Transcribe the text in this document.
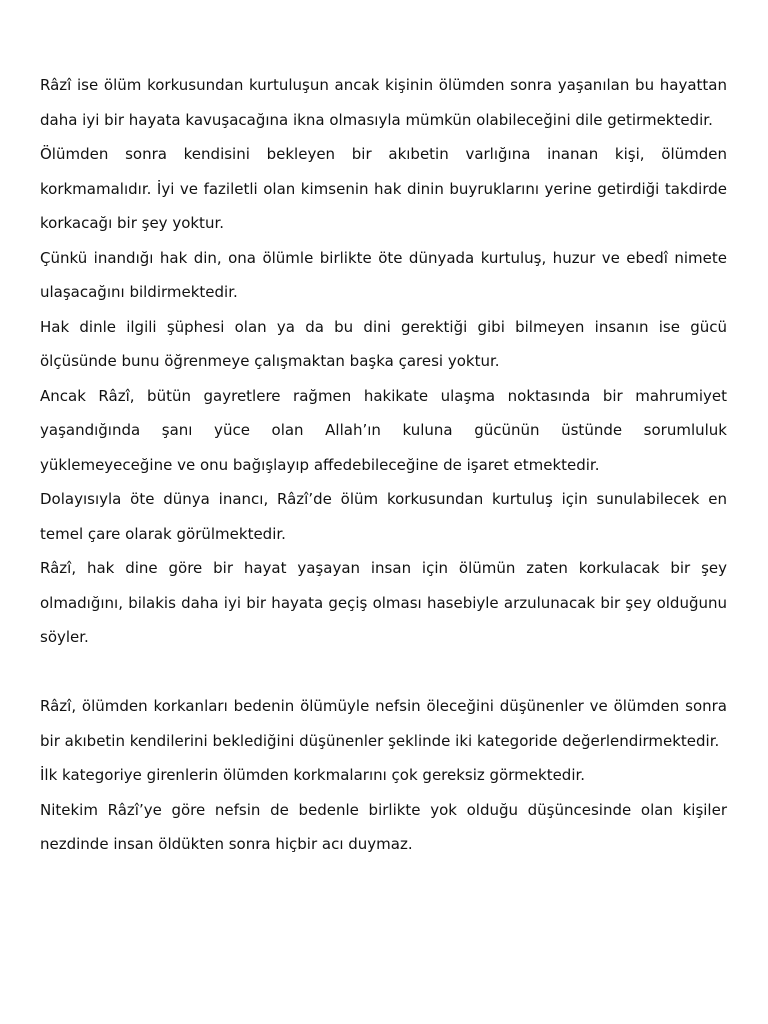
Râzî ise ölüm korkusundan kurtuluşun ancak kişinin ölümden sonra yaşanılan bu hayattan daha iyi bir hayata kavuşacağına ikna olmasıyla mümkün olabileceğini dile getirmektedir.

Ölümden sonra kendisini bekleyen bir akıbetin varlığına inanan kişi, ölümden korkmamalıdır. İyi ve faziletli olan kimsenin hak dinin buyruklarını yerine getirdiği takdirde korkacağı bir şey yoktur.

Çünkü inandığı hak din, ona ölümle birlikte öte dünyada kurtuluş, huzur ve ebedî nimete ulaşacağını bildirmektedir.

Hak dinle ilgili şüphesi olan ya da bu dini gerektiği gibi bilmeyen insanın ise gücü ölçüsünde bunu öğrenmeye çalışmaktan başka çaresi yoktur.

Ancak Râzî, bütün gayretlere rağmen hakikate ulaşma noktasında bir mahrumiyet yaşandığında şanı yüce olan Allah’ın kuluna gücünün üstünde sorumluluk yüklemeyeceğine ve onu bağışlayıp affedebileceğine de işaret etmektedir.

Dolayısıyla öte dünya inancı, Râzî’de ölüm korkusundan kurtuluş için sunulabilecek en temel çare olarak görülmektedir.

Râzî, hak dine göre bir hayat yaşayan insan için ölümün zaten korkulacak bir şey olmadığını, bilakis daha iyi bir hayata geçiş olması hasebiyle arzulunacak bir şey olduğunu söyler.

Râzî, ölümden korkanları bedenin ölümüyle nefsin öleceğini düşünenler ve ölümden sonra bir akıbetin kendilerini beklediğini düşünenler şeklinde iki kategoride değerlendirmektedir.

İlk kategoriye girenlerin ölümden korkmalarını çok gereksiz görmektedir.

Nitekim Râzî’ye göre nefsin de bedenle birlikte yok olduğu düşüncesinde olan kişiler nezdinde insan öldükten sonra hiçbir acı duymaz.
